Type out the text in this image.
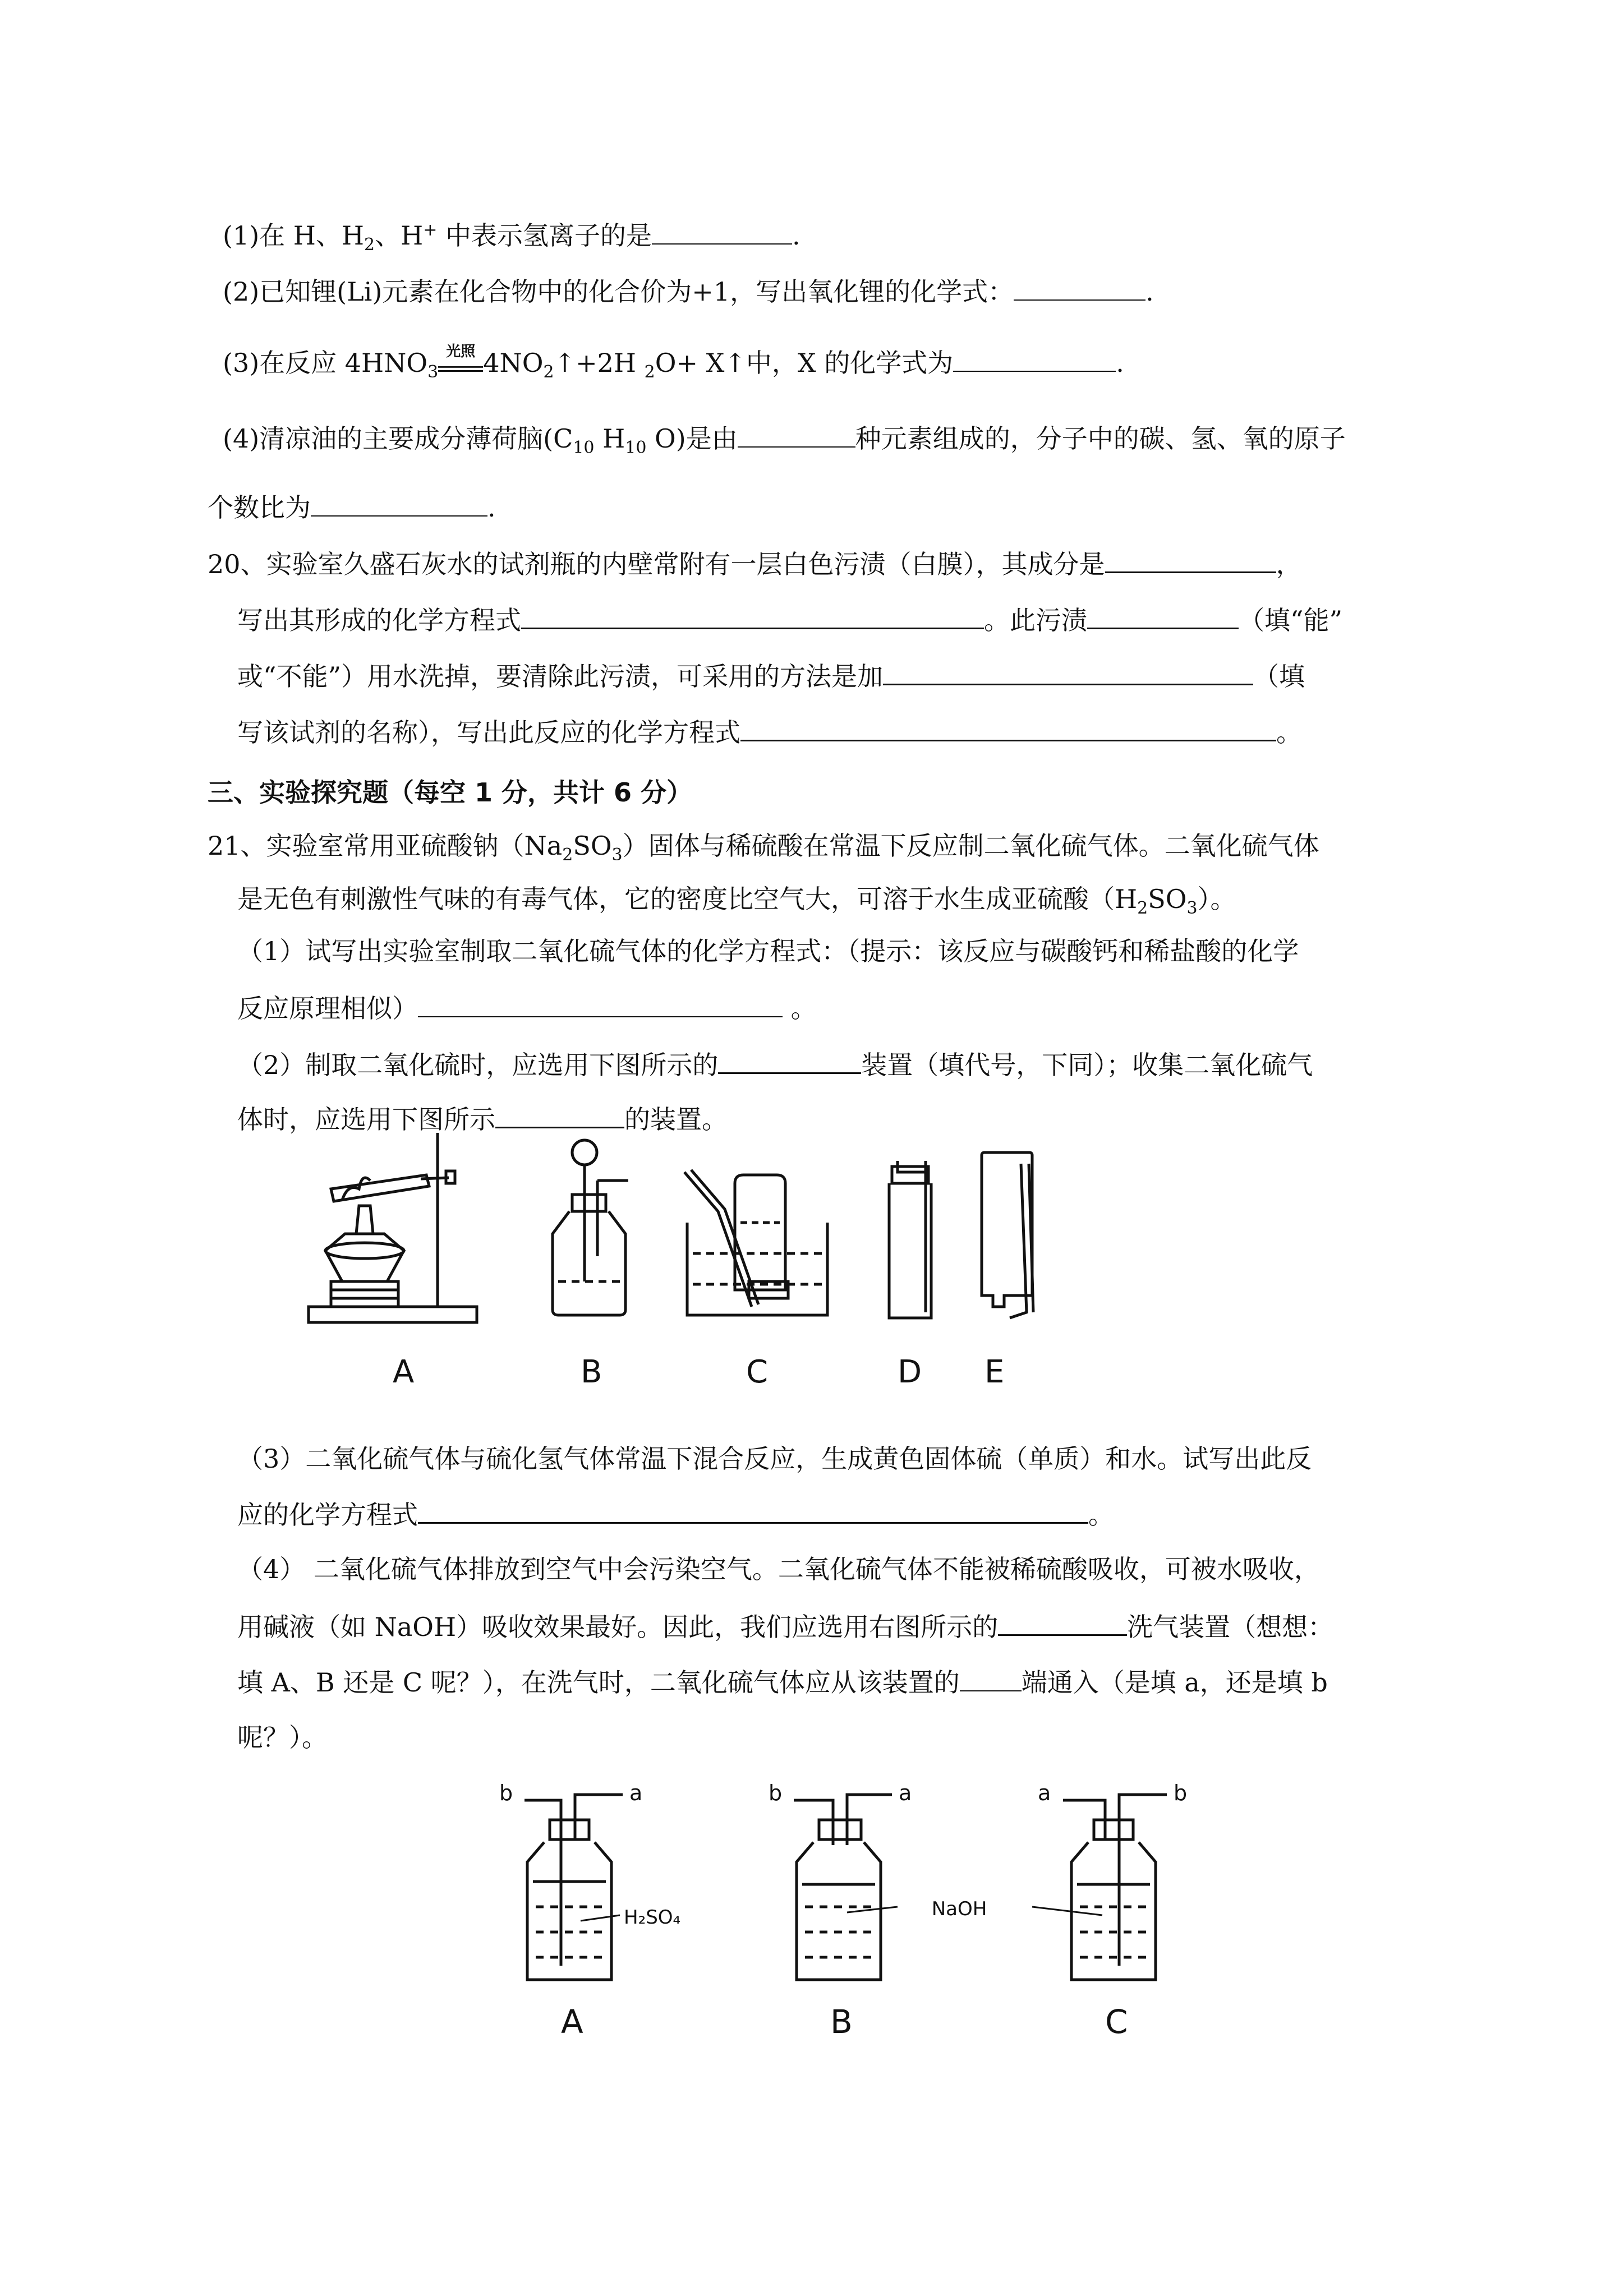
(1)在 H、$H_2$、H+ 中表示氢离子的是	.
(2)已知锂(Li)元素在化合物中的化合价为+1，写出氧化锂的化学式：	.
(3)在反应 $4HNO_3$
光照 $4NO_2↑+2H$ $_2$O+ X↑中，X 的化学式为	.
(4)清凉油的主要成分薄荷脑($C_{10}$ $H_{10}$ O)是由	种元素组成的，分子中的碳、氢、氧的原子
个数比为	.
20、实验室久盛石灰水的试剂瓶的内壁常附有一层白色污渍（白膜），其成分是	，
写出其形成的化学方程式	。此污渍	（填“能”
或“不能”）用水洗掉，要清除此污渍，可采用的方法是加	（填
写该试剂的名称），写出此反应的化学方程式	。
三、实验探究题（每空 1 分，共计 6 分）
21、实验室常用亚硫酸钠$(Na_2SO_3)$固体与稀硫酸在常温下反应制二氧化硫气体。二氧化硫气体
是无色有刺激性气味的有毒气体，它的密度比空气大，可溶于水生成亚硫酸$(H_2SO_3)$。
（1）试写出实验室制取二氧化硫气体的化学方程式：（提示：该反应与碳酸钙和稀盐酸的化学
反应原理相似）	。
（2）制取二氧化硫时，应选用下图所示的	装置（填代号，下同）；收集二氧化硫气
体时，应选用下图所示	的装置。
A	B	C	D E
（3）二氧化硫气体与硫化氢气体常温下混合反应，生成黄色固体硫（单质）和水。试写出此反
应的化学方程式	。
（4） 二氧化硫气体排放到空气中会污染空气。二氧化硫气体不能被稀硫酸吸收，可被水吸收，
用碱液（如 NaOH）吸收效果最好。因此，我们应选用右图所示的	洗气装置（想想：
填 A、B 还是 C 呢？），在洗气时，二氧化硫气体应从该装置的 端通入（是填 a，还是填 b
呢？）。
b	a	b	a	a	b
H₂SO₄	NaOH
A	B	C
